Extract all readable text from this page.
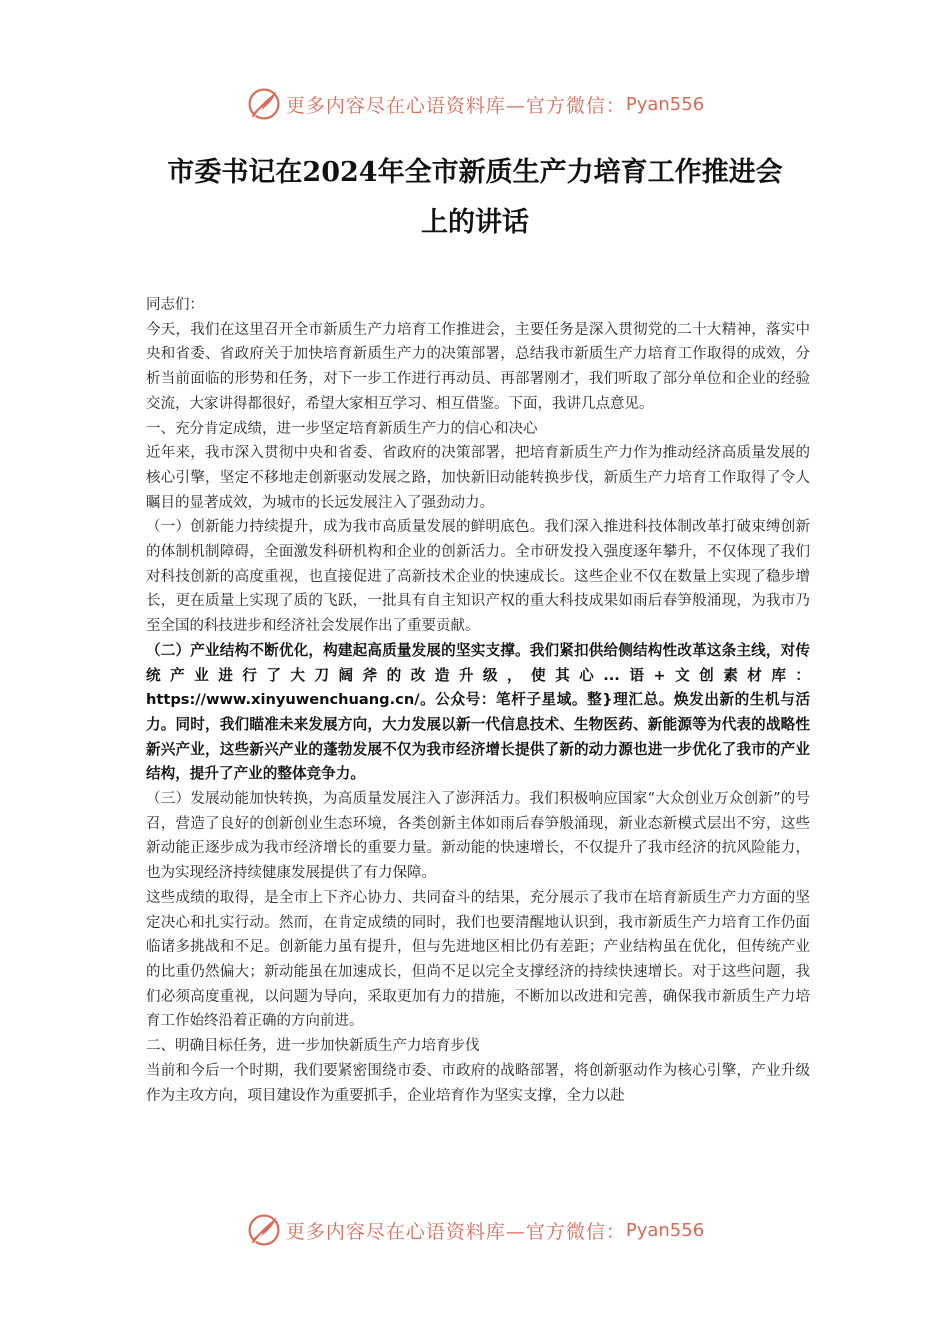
更多内容尽在心语资料库—官方微信： Pyan556
市委书记在2024年全市新质生产力培育工作推进会
上的讲话

同志们：

今天，我们在这里召开全市新质生产力培育工作推进会，主要任务是深入贯彻党的二十大精神，落实中央和省委、省政府关于加快培育新质生产力的决策部署，总结我市新质生产力培育工作取得的成效，分析当前面临的形势和任务，对下一步工作进行再动员、再部署刚才，我们听取了部分单位和企业的经验交流，大家讲得都很好，希望大家相互学习、相互借鉴。下面，我讲几点意见。

一、充分肯定成绩，进一步坚定培育新质生产力的信心和决心

近年来，我市深入贯彻中央和省委、省政府的决策部署，把培育新质生产力作为推动经济高质量发展的核心引擎，坚定不移地走创新驱动发展之路，加快新旧动能转换步伐，新质生产力培育工作取得了令人瞩目的显著成效，为城市的长远发展注入了强劲动力。

（一）创新能力持续提升，成为我市高质量发展的鲜明底色。我们深入推进科技体制改革打破束缚创新的体制机制障碍，全面激发科研机构和企业的创新活力。全市研发投入强度逐年攀升，不仅体现了我们对科技创新的高度重视，也直接促进了高新技术企业的快速成长。这些企业不仅在数量上实现了稳步增长，更在质量上实现了质的飞跃，一批具有自主知识产权的重大科技成果如雨后春笋般涌现，为我市乃至全国的科技进步和经济社会发展作出了重要贡献。

（二）产业结构不断优化，构建起高质量发展的坚实支撑。我们紧扣供给侧结构性改革这条主线，对传统产业进行了大刀阔斧的改造升级，使其心...语+文创素材库：https://www.xinyuwenchuang.cn/。公众号：笔杆子星域。整}理汇总。焕发出新的生机与活力。同时，我们瞄准未来发展方向，大力发展以新一代信息技术、生物医药、新能源等为代表的战略性新兴产业，这些新兴产业的蓬勃发展不仅为我市经济增长提供了新的动力源也进一步优化了我市的产业结构，提升了产业的整体竞争力。

（三）发展动能加快转换，为高质量发展注入了澎湃活力。我们积极响应国家“大众创业万众创新”的号召，营造了良好的创新创业生态环境，各类创新主体如雨后春笋般涌现，新业态新模式层出不穷，这些新动能正逐步成为我市经济增长的重要力量。新动能的快速增长，不仅提升了我市经济的抗风险能力，也为实现经济持续健康发展提供了有力保障。

这些成绩的取得，是全市上下齐心协力、共同奋斗的结果，充分展示了我市在培育新质生产力方面的坚定决心和扎实行动。然而，在肯定成绩的同时，我们也要清醒地认识到，我市新质生产力培育工作仍面临诸多挑战和不足。创新能力虽有提升，但与先进地区相比仍有差距；产业结构虽在优化，但传统产业的比重仍然偏大；新动能虽在加速成长，但尚不足以完全支撑经济的持续快速增长。对于这些问题，我们必须高度重视，以问题为导向，采取更加有力的措施，不断加以改进和完善，确保我市新质生产力培育工作始终沿着正确的方向前进。

二、明确目标任务，进一步加快新质生产力培育步伐

当前和今后一个时期，我们要紧密围绕市委、市政府的战略部署，将创新驱动作为核心引擎，产业升级作为主攻方向，项目建设作为重要抓手，企业培育作为坚实支撑，全力以赴

更多内容尽在心语资料库—官方微信： Pyan556
